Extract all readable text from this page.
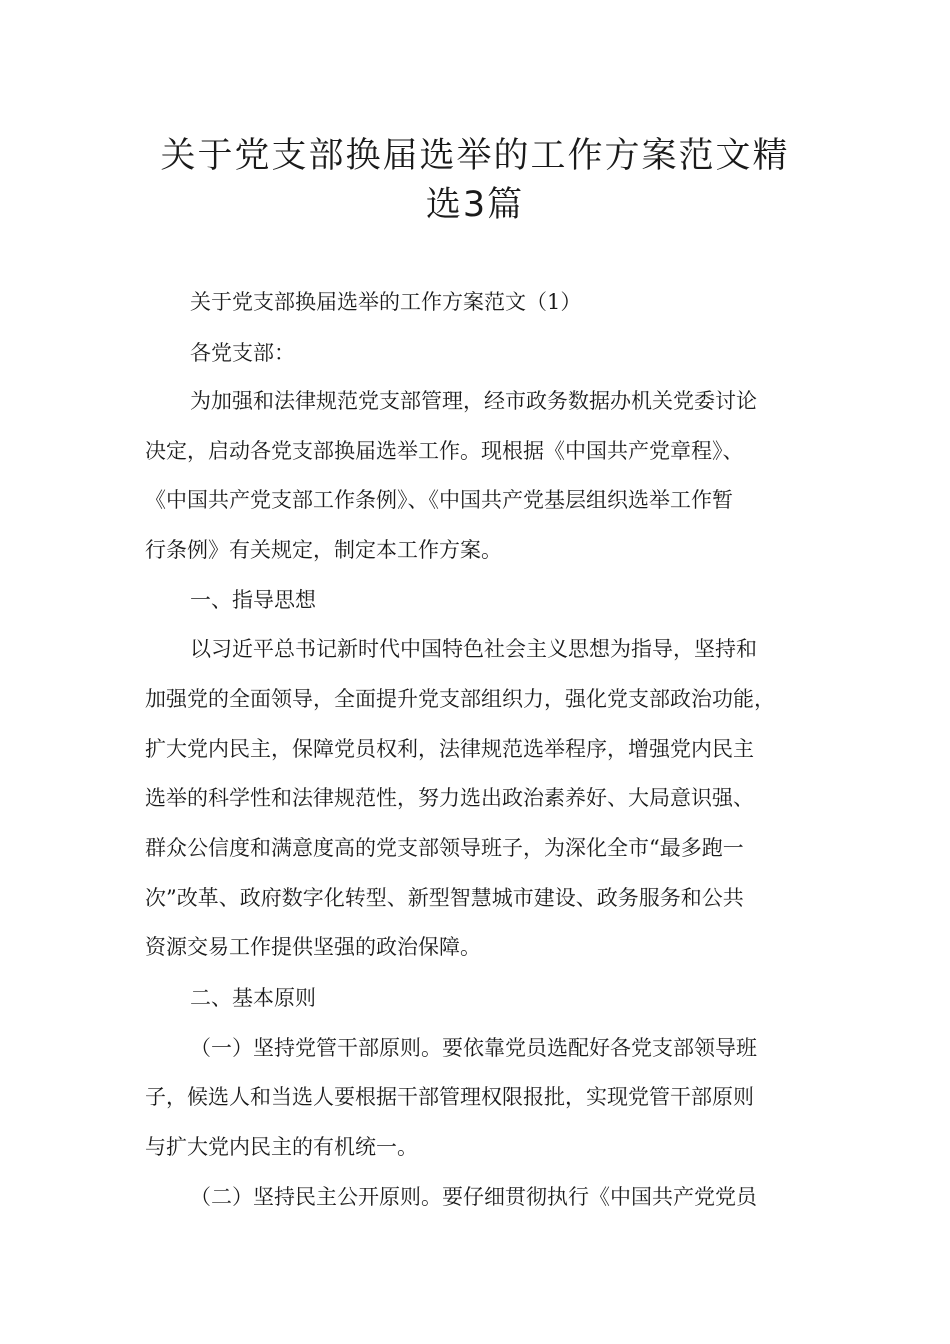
关于党支部换届选举的工作方案范文精
选3篇

关于党支部换届选举的工作方案范文（1）

各党支部：

为加强和法律规范党支部管理，经市政务数据办机关党委讨论

决定，启动各党支部换届选举工作。现根据《中国共产党章程》、

《中国共产党支部工作条例》、《中国共产党基层组织选举工作暂

行条例》有关规定，制定本工作方案。

一、指导思想

以习近平总书记新时代中国特色社会主义思想为指导，坚持和

加强党的全面领导，全面提升党支部组织力，强化党支部政治功能，

扩大党内民主，保障党员权利，法律规范选举程序，增强党内民主

选举的科学性和法律规范性，努力选出政治素养好、大局意识强、

群众公信度和满意度高的党支部领导班子，为深化全市“最多跑一

次”改革、政府数字化转型、新型智慧城市建设、政务服务和公共

资源交易工作提供坚强的政治保障。

二、基本原则

（一）坚持党管干部原则。要依靠党员选配好各党支部领导班

子，候选人和当选人要根据干部管理权限报批，实现党管干部原则

与扩大党内民主的有机统一。

（二）坚持民主公开原则。要仔细贯彻执行《中国共产党党员
